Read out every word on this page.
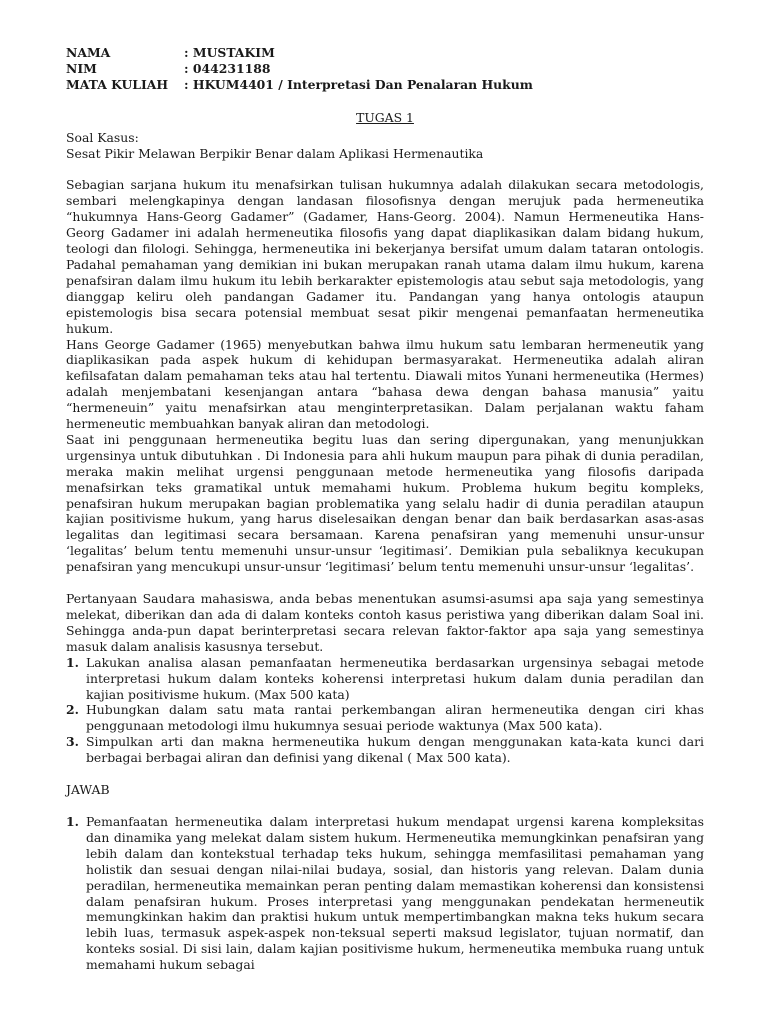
NAMA	: MUSTAKIM
NIM	: 044231188
MATA KULIAH	: HKUM4401 / Interpretasi Dan Penalaran Hukum
TUGAS 1

Soal Kasus:

Sesat Pikir Melawan Berpikir Benar dalam Aplikasi Hermenautika

Sebagian sarjana hukum itu menafsirkan tulisan hukumnya adalah dilakukan secara metodologis, sembari melengkapinya dengan landasan filosofisnya dengan merujuk pada hermeneutika “hukumnya Hans-Georg Gadamer” (Gadamer, Hans-Georg. 2004). Namun Hermeneutika Hans-Georg Gadamer ini adalah hermeneutika filosofis yang dapat diaplikasikan dalam bidang hukum, teologi dan filologi. Sehingga, hermeneutika ini bekerjanya bersifat umum dalam tataran ontologis. Padahal pemahaman yang demikian ini bukan merupakan ranah utama dalam ilmu hukum, karena penafsiran dalam ilmu hukum itu lebih berkarakter epistemologis atau sebut saja metodologis, yang dianggap keliru oleh pandangan Gadamer itu. Pandangan yang hanya ontologis ataupun epistemologis bisa secara potensial membuat sesat pikir mengenai pemanfaatan hermeneutika hukum.

Hans George Gadamer (1965) menyebutkan bahwa ilmu hukum satu lembaran hermeneutik yang diaplikasikan pada aspek hukum di kehidupan bermasyarakat. Hermeneutika adalah aliran kefilsafatan dalam pemahaman teks atau hal tertentu. Diawali mitos Yunani hermeneutika (Hermes) adalah menjembatani kesenjangan antara “bahasa dewa dengan bahasa manusia” yaitu “hermeneuin” yaitu menafsirkan atau menginterpretasikan. Dalam perjalanan waktu faham hermeneutic membuahkan banyak aliran dan metodologi.

Saat ini penggunaan hermeneutika begitu luas dan sering dipergunakan, yang menunjukkan urgensinya untuk dibutuhkan . Di Indonesia para ahli hukum maupun para pihak di dunia peradilan, meraka makin melihat urgensi penggunaan metode hermeneutika yang filosofis daripada menafsirkan teks gramatikal untuk memahami hukum. Problema hukum begitu kompleks, penafsiran hukum merupakan bagian problematika yang selalu hadir di dunia peradilan ataupun kajian positivisme hukum, yang harus diselesaikan dengan benar dan baik berdasarkan asas-asas legalitas dan legitimasi secara bersamaan. Karena penafsiran yang memenuhi unsur-unsur ‘legalitas’ belum tentu memenuhi unsur-unsur ‘legitimasi’. Demikian pula sebaliknya kecukupan penafsiran yang mencukupi unsur-unsur ‘legitimasi’ belum tentu memenuhi unsur-unsur ‘legalitas’.

Pertanyaan Saudara mahasiswa, anda bebas menentukan asumsi-asumsi apa saja yang semestinya melekat, diberikan dan ada di dalam konteks contoh kasus peristiwa yang diberikan dalam Soal ini. Sehingga anda-pun dapat berinterpretasi secara relevan faktor-faktor apa saja yang semestinya masuk dalam analisis kasusnya tersebut.

1. Lakukan analisa alasan pemanfaatan hermeneutika berdasarkan urgensinya sebagai metode interpretasi hukum dalam konteks koherensi interpretasi hukum dalam dunia peradilan dan kajian positivisme hukum. (Max 500 kata)
2. Hubungkan dalam satu mata rantai perkembangan aliran hermeneutika dengan ciri khas penggunaan metodologi ilmu hukumnya sesuai periode waktunya (Max 500 kata).
3. Simpulkan arti dan makna hermeneutika hukum dengan menggunakan kata-kata kunci dari berbagai berbagai aliran dan definisi yang dikenal ( Max 500 kata).

JAWAB

1. Pemanfaatan hermeneutika dalam interpretasi hukum mendapat urgensi karena kompleksitas dan dinamika yang melekat dalam sistem hukum. Hermeneutika memungkinkan penafsiran yang lebih dalam dan kontekstual terhadap teks hukum, sehingga memfasilitasi pemahaman yang holistik dan sesuai dengan nilai-nilai budaya, sosial, dan historis yang relevan. Dalam dunia peradilan, hermeneutika memainkan peran penting dalam memastikan koherensi dan konsistensi dalam penafsiran hukum. Proses interpretasi yang menggunakan pendekatan hermeneutik memungkinkan hakim dan praktisi hukum untuk mempertimbangkan makna teks hukum secara lebih luas, termasuk aspek-aspek non-teksual seperti maksud legislator, tujuan normatif, dan konteks sosial. Di sisi lain, dalam kajian positivisme hukum, hermeneutika membuka ruang untuk memahami hukum sebagai
